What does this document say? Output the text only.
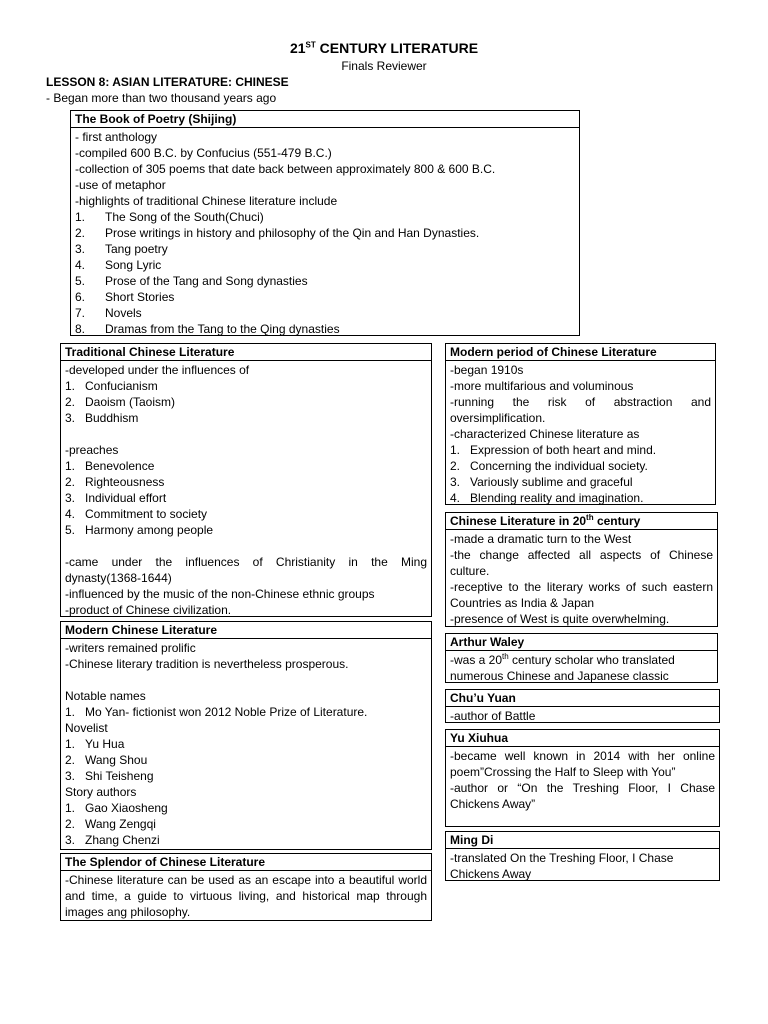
21ST CENTURY LITERATURE
Finals Reviewer
LESSON 8: ASIAN LITERATURE: CHINESE
- Began more than two thousand years ago
The Book of Poetry (Shijing)
- first anthology
-compiled 600 B.C. by Confucius (551-479 B.C.)
-collection of 305 poems that date back between approximately 800 & 600 B.C.
-use of metaphor
-highlights of traditional Chinese literature include
1.	The Song of the South(Chuci)
2.	Prose writings in history and philosophy of the Qin and Han Dynasties.
3.	Tang poetry
4.	Song Lyric
5.	Prose of the Tang and Song dynasties
6.	Short Stories
7.	Novels
8.	Dramas from the Tang to the Qing dynasties
Traditional Chinese Literature
-developed under the influences of
1. Confucianism
2. Daoism (Taoism)
3. Buddhism
-preaches
1. Benevolence
2. Righteousness
3. Individual effort
4. Commitment to society
5. Harmony among people
-came under the influences of Christianity in the Ming dynasty(1368-1644)
-influenced by the music of the non-Chinese ethnic groups
-product of Chinese civilization.
Modern Chinese Literature
-writers remained prolific
-Chinese literary tradition is nevertheless prosperous.
Notable names
1. Mo Yan- fictionist won 2012 Noble Prize of Literature.
Novelist
1. Yu Hua
2. Wang Shou
3. Shi Teisheng
Story authors
1. Gao Xiaosheng
2. Wang Zengqi
3. Zhang Chenzi
The Splendor of Chinese Literature
-Chinese literature can be used as an escape into a beautiful world and time, a guide to virtuous living, and historical map through images ang philosophy.
Modern period of Chinese Literature
-began 1910s
-more multifarious and voluminous
-running the risk of abstraction and oversimplification.
-characterized Chinese literature as
1. Expression of both heart and mind.
2. Concerning the individual society.
3. Variously sublime and graceful
4. Blending reality and imagination.
Chinese Literature in 20th century
-made a dramatic turn to the West
-the change affected all aspects of Chinese culture.
-receptive to the literary works of such eastern Countries as India & Japan
-presence of West is quite overwhelming.
Arthur Waley
-was a 20th century scholar who translated numerous Chinese and Japanese classic
Chu’u Yuan
-author of Battle
Yu Xiuhua
-became well known in 2014 with her online poem”Crossing the Half to Sleep with You”
-author or “On the Treshing Floor, I Chase Chickens Away”
Ming Di
-translated On the Treshing Floor, I Chase Chickens Away
